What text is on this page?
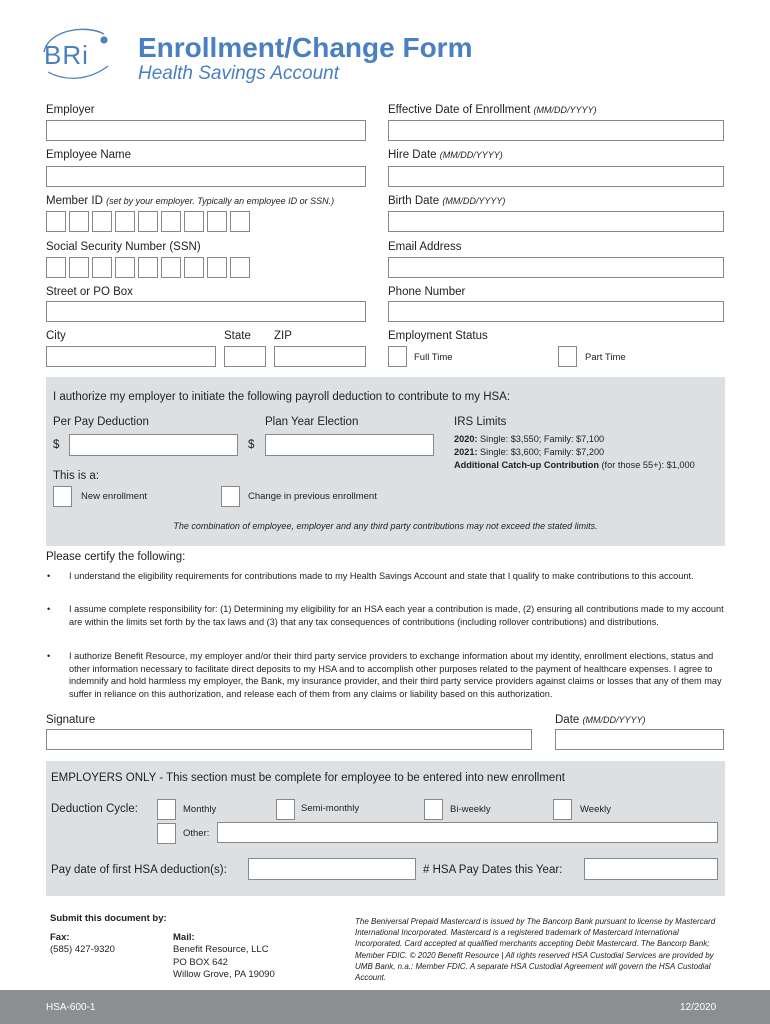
BRi Enrollment/Change Form
Health Savings Account
Employer	Effective Date of Enrollment (MM/DD/YYYY)
Employee Name	Hire Date (MM/DD/YYYY)
Member ID (set by your employer. Typically an employee ID or SSN.)	Birth Date (MM/DD/YYYY)
Social Security Number (SSN)	Email Address
Street or PO Box	Phone Number
City	State ZIP	Employment Status
Full Time	Part Time
I authorize my employer to initiate the following payroll deduction to contribute to my HSA:
Per Pay Deduction
$
Plan Year Election
$
IRS Limits
2020: Single: $3,550; Family: $7,100
2021: Single: $3,600; Family: $7,200
Additional Catch-up Contribution (for those 55+): $1,000
This is a:
New enrollment	Change in previous enrollment
The combination of employee, employer and any third party contributions may not exceed the stated limits.
Please certify the following:
• I understand the eligibility requirements for contributions made to my Health Savings Account and state that I qualify to make contributions to this account.
• I assume complete responsibility for: (1) Determining my eligibility for an HSA each year a contribution is made, (2) ensuring all contributions made to my account are within the limits set forth by the tax laws and (3) that any tax consequences of contributions (including rollover contributions) and distributions.
• I authorize Benefit Resource, my employer and/or their third party service providers to exchange information about my identity, enrollment elections, status and other information necessary to facilitate direct deposits to my HSA and to accomplish other purposes related to the payment of healthcare expenses. I agree to indemnify and hold harmless my employer, the Bank, my insurance provider, and their third party service providers against claims or losses that any of them may suffer in reliance on this authorization, and release each of them from any claims or liability based on this authorization.
Signature	Date (MM/DD/YYYY)
EMPLOYERS ONLY - This section must be complete for employee to be entered into new enrollment
Deduction Cycle:	Monthly	Semi-monthly	Bi-weekly	Weekly
Other:
Pay date of first HSA deduction(s):	# HSA Pay Dates this Year:
Submit this document by:
Fax:
(585) 427-9320
Mail:
Benefit Resource, LLC
PO BOX 642
Willow Grove, PA 19090
The Beniversal Prepaid Mastercard is issued by The Bancorp Bank pursuant to license by Mastercard International Incorporated. Mastercard is a registered trademark of Mastercard International Incorporated. Card accepted at qualified merchants accepting Debit Mastercard. The Bancorp Bank; Member FDIC. © 2020 Benefit Resource | All rights reserved HSA Custodial Services are provided by UMB Bank, n.a.: Member FDIC. A separate HSA Custodial Agreement will govern the HSA Custodial Account.
HSA-600-1	12/2020
